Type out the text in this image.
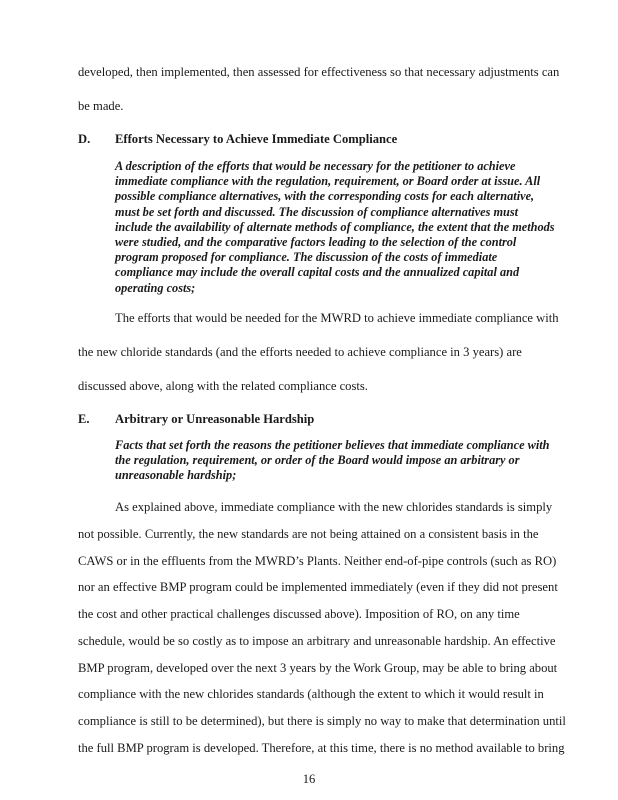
developed, then implemented, then assessed for effectiveness so that necessary adjustments can
be made.
D. Efforts Necessary to Achieve Immediate Compliance
A description of the efforts that would be necessary for the petitioner to achieve
immediate compliance with the regulation, requirement, or Board order at issue. All
possible compliance alternatives, with the corresponding costs for each alternative,
must be set forth and discussed. The discussion of compliance alternatives must
include the availability of alternate methods of compliance, the extent that the methods
were studied, and the comparative factors leading to the selection of the control
program proposed for compliance. The discussion of the costs of immediate
compliance may include the overall capital costs and the annualized capital and
operating costs;
The efforts that would be needed for the MWRD to achieve immediate compliance with
the new chloride standards (and the efforts needed to achieve compliance in 3 years) are
discussed above, along with the related compliance costs.
E. Arbitrary or Unreasonable Hardship
Facts that set forth the reasons the petitioner believes that immediate compliance with
the regulation, requirement, or order of the Board would impose an arbitrary or
unreasonable hardship;
As explained above, immediate compliance with the new chlorides standards is simply
not possible. Currently, the new standards are not being attained on a consistent basis in the
CAWS or in the effluents from the MWRD’s Plants. Neither end-of-pipe controls (such as RO)
nor an effective BMP program could be implemented immediately (even if they did not present
the cost and other practical challenges discussed above). Imposition of RO, on any time
schedule, would be so costly as to impose an arbitrary and unreasonable hardship. An effective
BMP program, developed over the next 3 years by the Work Group, may be able to bring about
compliance with the new chlorides standards (although the extent to which it would result in
16
compliance is still to be determined), but there is simply no way to make that determination until
the full BMP program is developed. Therefore, at this time, there is no method available to bring
